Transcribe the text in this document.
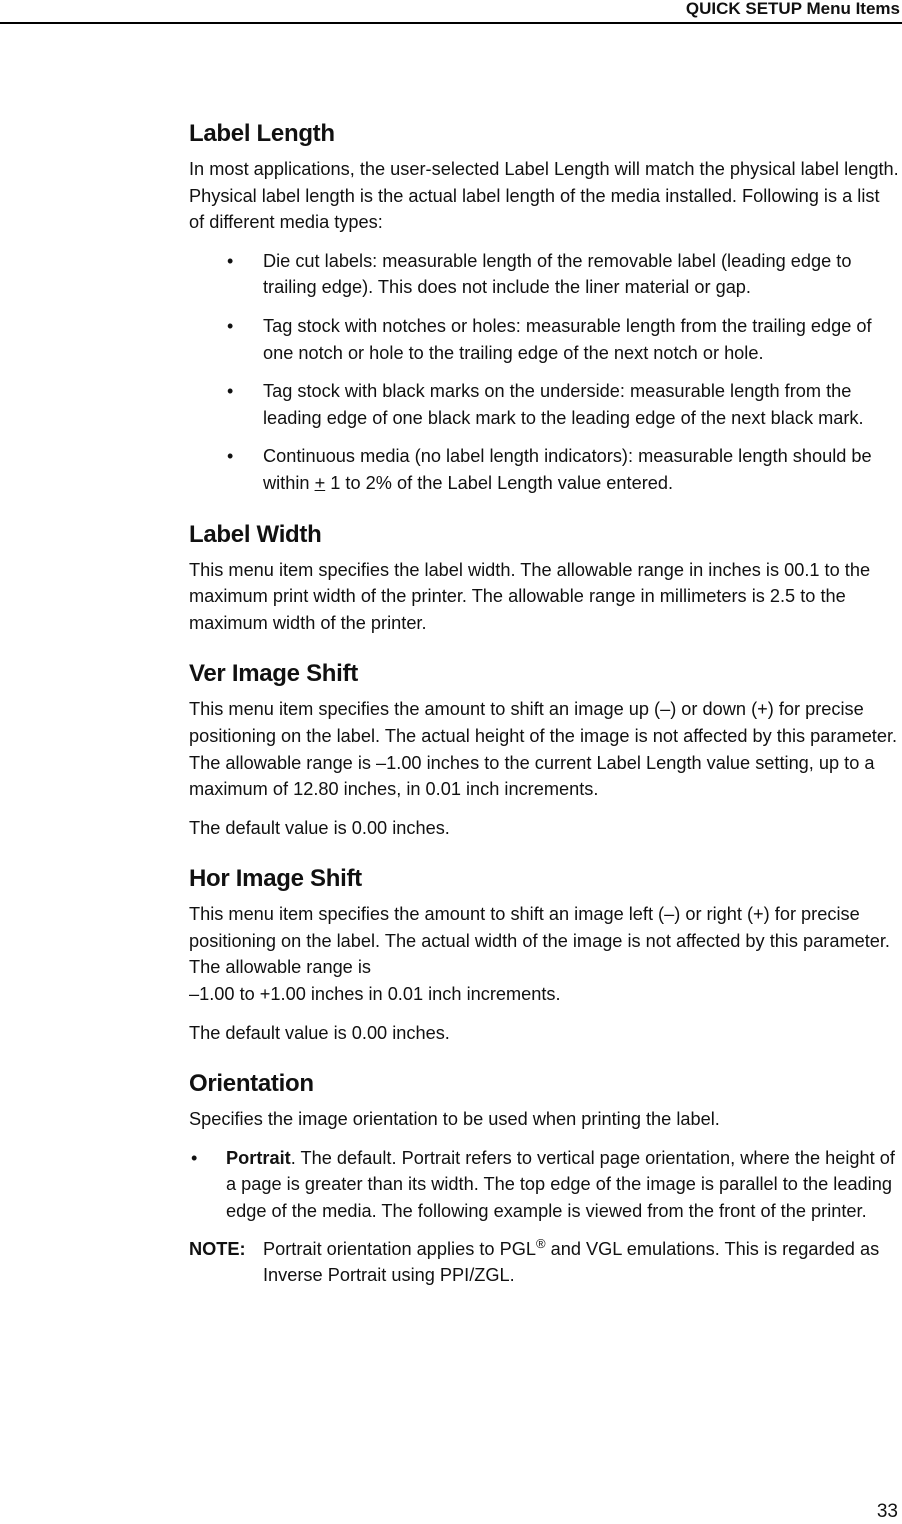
QUICK SETUP Menu Items
Label Length

In most applications, the user-selected Label Length will match the physical label length. Physical label length is the actual label length of the media installed. Following is a list of different media types:

• Die cut labels: measurable length of the removable label (leading edge to trailing edge). This does not include the liner material or gap.
• Tag stock with notches or holes: measurable length from the trailing edge of one notch or hole to the trailing edge of the next notch or hole.
• Tag stock with black marks on the underside: measurable length from the leading edge of one black mark to the leading edge of the next black mark.
• Continuous media (no label length indicators): measurable length should be within + 1 to 2% of the Label Length value entered.
Label Width

This menu item specifies the label width. The allowable range in inches is 00.1 to the maximum print width of the printer. The allowable range in millimeters is 2.5 to the maximum width of the printer.

Ver Image Shift

This menu item specifies the amount to shift an image up (–) or down (+) for precise positioning on the label. The actual height of the image is not affected by this parameter. The allowable range is –1.00 inches to the current Label Length value setting, up to a maximum of 12.80 inches, in 0.01 inch increments.

The default value is 0.00 inches.

Hor Image Shift

This menu item specifies the amount to shift an image left (–) or right (+) for precise positioning on the label. The actual width of the image is not affected by this parameter. The allowable range is
–1.00 to +1.00 inches in 0.01 inch increments.

The default value is 0.00 inches.

Orientation

Specifies the image orientation to be used when printing the label.

• Portrait. The default. Portrait refers to vertical page orientation, where the height of a page is greater than its width. The top edge of the image is parallel to the leading edge of the media. The following example is viewed from the front of the printer.
NOTE: Portrait orientation applies to PGL® and VGL emulations. This is regarded as Inverse Portrait using PPI/ZGL.
33
